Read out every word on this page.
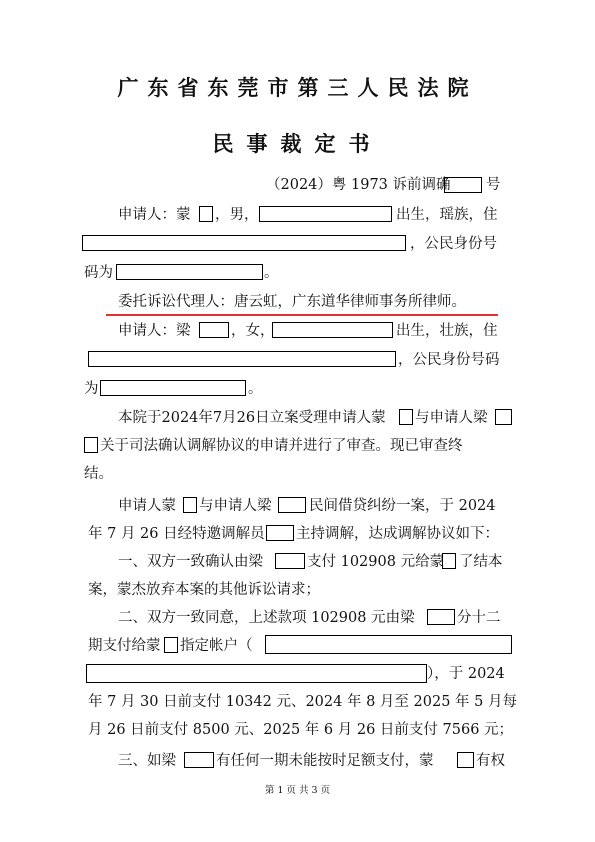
广东省东莞市第三人民法院
民事裁定书
（2024）粤 1973 诉前调确 号
申请人：蒙 ，男，	出生，瑶族，住
，公民身份号
码为	。
委托诉讼代理人：唐云虹，广东道华律师事务所律师。
申请人：梁	，女，	出生，壮族，住
，公民身份号码
为	。
本院于2024年7月26日立案受理申请人蒙 与申请人梁
关于司法确认调解协议的申请并进行了审查。现已审查终
结。
申请人蒙 与申请人梁	民间借贷纠纷一案，于 2024
年 7 月 26 日经特邀调解员 主持调解，达成调解协议如下：
一、双方一致确认由梁	支付 102908 元给蒙 了结本
案，蒙杰放弃本案的其他诉讼请求；
二、双方一致同意，上述款项 102908 元由梁	分十二
期支付给蒙 指定帐户（
），于 2024
年 7 月 30 日前支付 10342 元、2024 年 8 月至 2025 年 5 月每
月 26 日前支付 8500 元、2025 年 6 月 26 日前支付 7566 元；
三、如梁	有任何一期未能按时足额支付，蒙	有权
第 1 页 共 3 页
